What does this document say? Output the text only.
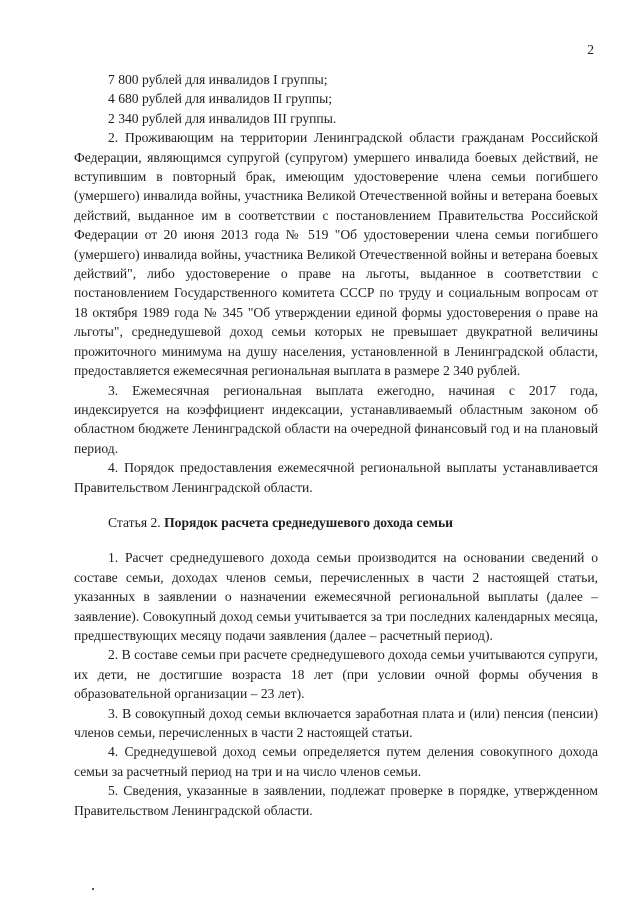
2

7 800 рублей для инвалидов I группы;

4 680 рублей для инвалидов II группы;

2 340 рублей для инвалидов III группы.

2. Проживающим на территории Ленинградской области гражданам Российской Федерации, являющимся супругой (супругом) умершего инвалида боевых действий, не вступившим в повторный брак, имеющим удостоверение члена семьи погибшего (умершего) инвалида войны, участника Великой Отечественной войны и ветерана боевых действий, выданное им в соответствии с постановлением Правительства Российской Федерации от 20 июня 2013 года № 519 "Об удостоверении члена семьи погибшего (умершего) инвалида войны, участника Великой Отечественной войны и ветерана боевых действий", либо удостоверение о праве на льготы, выданное в соответствии с постановлением Государственного комитета СССР по труду и социальным вопросам от 18 октября 1989 года № 345 "Об утверждении единой формы удостоверения о праве на льготы", среднедушевой доход семьи которых не превышает двукратной величины прожиточного минимума на душу населения, установленной в Ленинградской области, предоставляется ежемесячная региональная выплата в размере 2 340 рублей.

3. Ежемесячная региональная выплата ежегодно, начиная с 2017 года, индексируется на коэффициент индексации, устанавливаемый областным законом об областном бюджете Ленинградской области на очередной финансовый год и на плановый период.

4. Порядок предоставления ежемесячной региональной выплаты устанавливается Правительством Ленинградской области.

Статья 2. Порядок расчета среднедушевого дохода семьи

1. Расчет среднедушевого дохода семьи производится на основании сведений о составе семьи, доходах членов семьи, перечисленных в части 2 настоящей статьи, указанных в заявлении о назначении ежемесячной региональной выплаты (далее – заявление). Совокупный доход семьи учитывается за три последних календарных месяца, предшествующих месяцу подачи заявления (далее – расчетный период).

2. В составе семьи при расчете среднедушевого дохода семьи учитываются супруги, их дети, не достигшие возраста 18 лет (при условии очной формы обучения в образовательной организации – 23 лет).

3. В совокупный доход семьи включается заработная плата и (или) пенсия (пенсии) членов семьи, перечисленных в части 2 настоящей статьи.

4. Среднедушевой доход семьи определяется путем деления совокупного дохода семьи за расчетный период на три и на число членов семьи.

5. Сведения, указанные в заявлении, подлежат проверке в порядке, утвержденном Правительством Ленинградской области.
